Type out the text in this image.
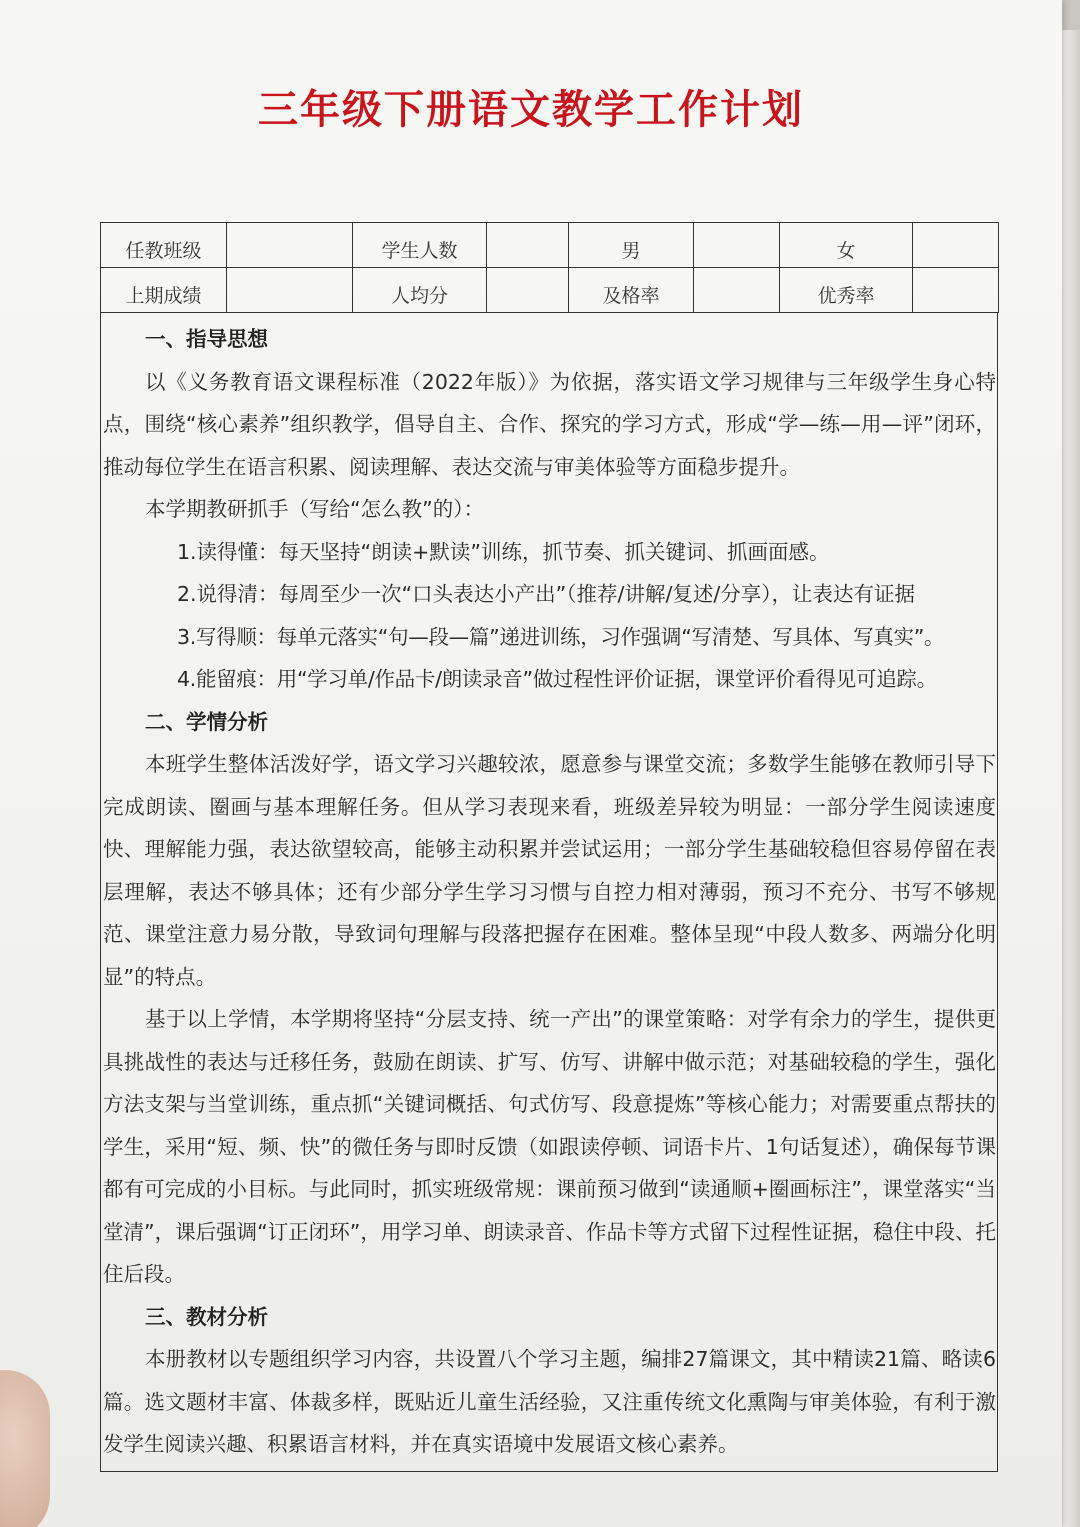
三年级下册语文教学工作计划
任教班级		学生人数		男		女	
上期成绩		人均分		及格率		优秀率	
一、指导思想

以《义务教育语文课程标准（2022年版）》为依据，落实语文学习规律与三年级学生身心特点，围绕“核心素养”组织教学，倡导自主、合作、探究的学习方式，形成“学—练—用—评”闭环，推动每位学生在语言积累、阅读理解、表达交流与审美体验等方面稳步提升。

本学期教研抓手（写给“怎么教”的）：

1.读得懂：每天坚持“朗读+默读”训练，抓节奏、抓关键词、抓画面感。
2.说得清：每周至少一次“口头表达小产出”（推荐/讲解/复述/分享），让表达有证据
3.写得顺：每单元落实“句—段—篇”递进训练，习作强调“写清楚、写具体、写真实”。
4.能留痕：用“学习单/作品卡/朗读录音”做过程性评价证据，课堂评价看得见可追踪。
二、学情分析

本班学生整体活泼好学，语文学习兴趣较浓，愿意参与课堂交流；多数学生能够在教师引导下完成朗读、圈画与基本理解任务。但从学习表现来看，班级差异较为明显：一部分学生阅读速度快、理解能力强，表达欲望较高，能够主动积累并尝试运用；一部分学生基础较稳但容易停留在表层理解，表达不够具体；还有少部分学生学习习惯与自控力相对薄弱，预习不充分、书写不够规范、课堂注意力易分散，导致词句理解与段落把握存在困难。整体呈现“中段人数多、两端分化明显”的特点。

基于以上学情，本学期将坚持“分层支持、统一产出”的课堂策略：对学有余力的学生，提供更具挑战性的表达与迁移任务，鼓励在朗读、扩写、仿写、讲解中做示范；对基础较稳的学生，强化方法支架与当堂训练，重点抓“关键词概括、句式仿写、段意提炼”等核心能力；对需要重点帮扶的学生，采用“短、频、快”的微任务与即时反馈（如跟读停顿、词语卡片、1句话复述），确保每节课都有可完成的小目标。与此同时，抓实班级常规：课前预习做到“读通顺+圈画标注”，课堂落实“当堂清”，课后强调“订正闭环”，用学习单、朗读录音、作品卡等方式留下过程性证据，稳住中段、托住后段。

三、教材分析

本册教材以专题组织学习内容，共设置八个学习主题，编排27篇课文，其中精读21篇、略读6篇。选文题材丰富、体裁多样，既贴近儿童生活经验，又注重传统文化熏陶与审美体验，有利于激发学生阅读兴趣、积累语言材料，并在真实语境中发展语文核心素养。
